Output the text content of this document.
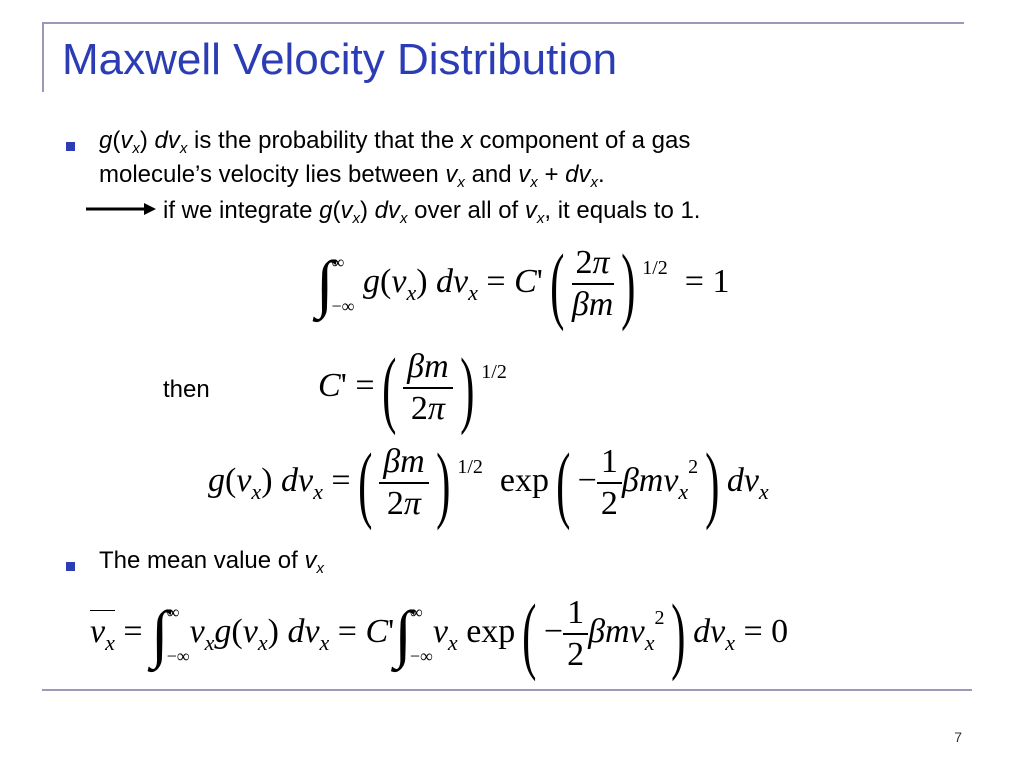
Maxwell Velocity Distribution
$g(v_x)$ $dv_x$ is the probability that the x component of a gas
molecule’s velocity lies between $v_x$ and $v_x + dv_x$.
if we integrate $g(v_x)$ $dv_x$ over all of $v_x$, it equals to 1.
∫
∞
−∞
$g(v_x) dv_x = C'( \frac{2\pi}{\beta m}$ ) $^{1/2}$  = 1
then	C' =( $\frac{\beta m}{2\pi}$ ) $^{1/2}$
$g(v_x)$ $dv_x$ =( $\frac{\beta m}{2\pi}$ ) $^{1/2}$  $\exp( - \frac{1}{2} \beta mv_x^2)$ $dv_x$
The mean value of $v_x$
$v_x$ = ∫
∞
−∞
$v_xg(v_x) dv_x = C'\int$
∞
−∞
$v_x$ $\exp( - \frac{1}{2} \beta mv_x^2)$ $dv_x = 0$
7
